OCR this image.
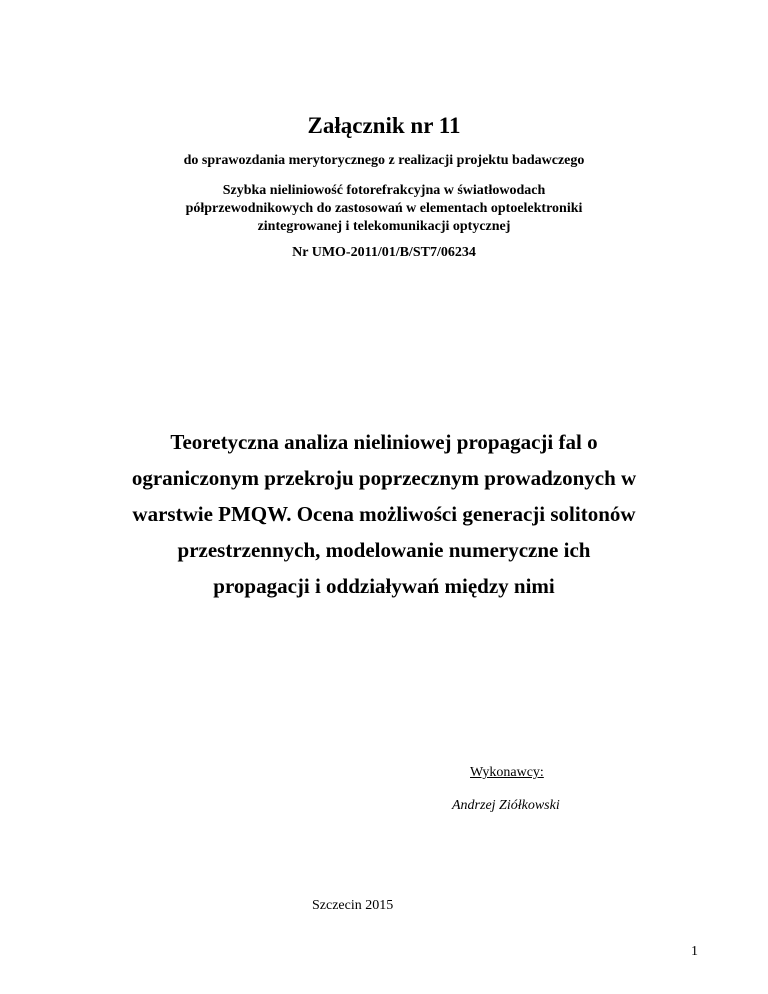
Załącznik nr 11
do sprawozdania merytorycznego z realizacji projektu badawczego
Szybka nieliniowość fotorefrakcyjna w światłowodach
półprzewodnikowych do zastosowań w elementach optoelektroniki
zintegrowanej i telekomunikacji optycznej
Nr UMO-2011/01/B/ST7/06234
Teoretyczna analiza nieliniowej propagacji fal o
ograniczonym przekroju poprzecznym prowadzonych w
warstwie PMQW. Ocena możliwości generacji solitonów
przestrzennych, modelowanie numeryczne ich
propagacji i oddziaływań między nimi
Wykonawcy:
Andrzej Ziółkowski
Szczecin 2015
1
